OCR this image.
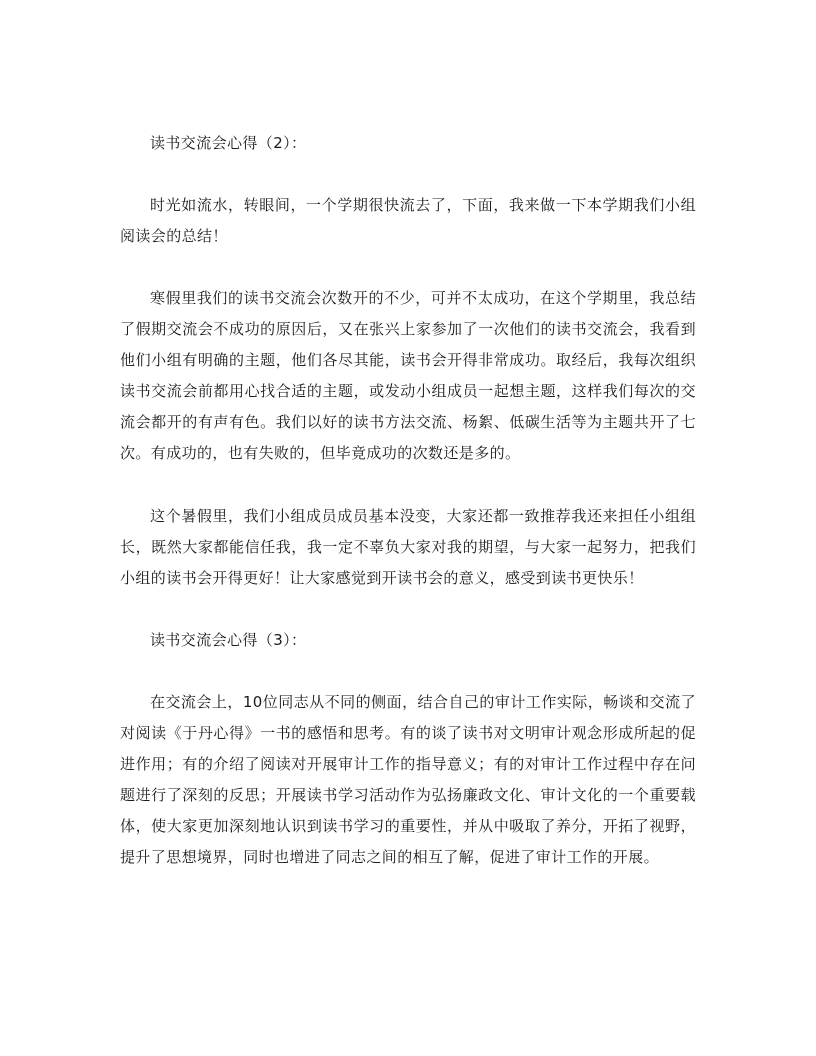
读书交流会心得（2）：

时光如流水，转眼间，一个学期很快流去了，下面，我来做一下本学期我们小组阅读会的总结！

寒假里我们的读书交流会次数开的不少，可并不太成功，在这个学期里，我总结了假期交流会不成功的原因后，又在张兴上家参加了一次他们的读书交流会，我看到他们小组有明确的主题，他们各尽其能，读书会开得非常成功。取经后，我每次组织读书交流会前都用心找合适的主题，或发动小组成员一起想主题，这样我们每次的交流会都开的有声有色。我们以好的读书方法交流、杨絮、低碳生活等为主题共开了七次。有成功的，也有失败的，但毕竟成功的次数还是多的。

这个暑假里，我们小组成员成员基本没变，大家还都一致推荐我还来担任小组组长，既然大家都能信任我，我一定不辜负大家对我的期望，与大家一起努力，把我们小组的读书会开得更好！让大家感觉到开读书会的意义，感受到读书更快乐！

读书交流会心得（3）：

在交流会上，10位同志从不同的侧面，结合自己的审计工作实际，畅谈和交流了对阅读《于丹心得》一书的感悟和思考。有的谈了读书对文明审计观念形成所起的促进作用；有的介绍了阅读对开展审计工作的指导意义；有的对审计工作过程中存在问题进行了深刻的反思；开展读书学习活动作为弘扬廉政文化、审计文化的一个重要载体，使大家更加深刻地认识到读书学习的重要性，并从中吸取了养分，开拓了视野，提升了思想境界，同时也增进了同志之间的相互了解，促进了审计工作的开展。
